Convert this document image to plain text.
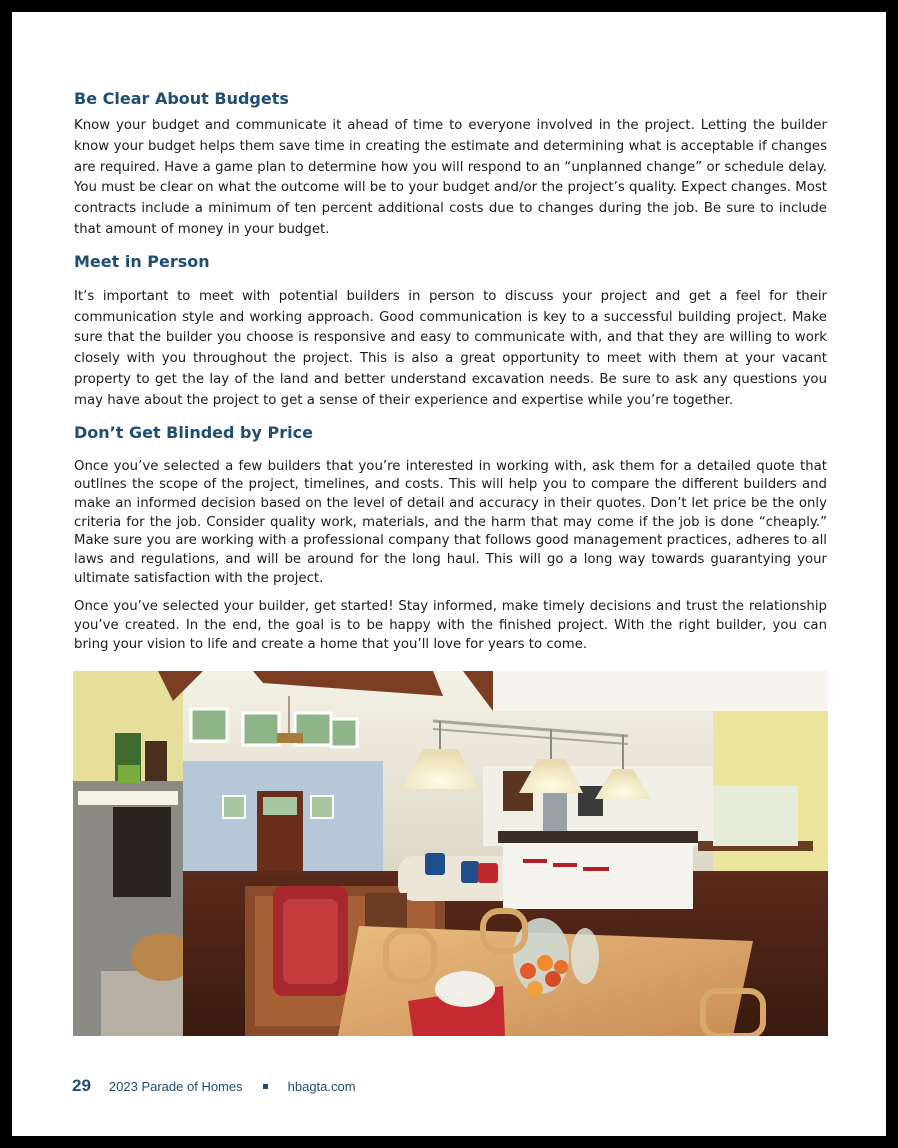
Be Clear About Budgets

Know your budget and communicate it ahead of time to everyone involved in the project. Letting the builder know your budget helps them save time in creating the estimate and determining what is acceptable if changes are required. Have a game plan to determine how you will respond to an “unplanned change” or schedule delay. You must be clear on what the outcome will be to your budget and/or the project’s quality. Expect changes. Most contracts include a minimum of ten percent additional costs due to changes during the job. Be sure to include that amount of money in your budget.

Meet in Person

It’s important to meet with potential builders in person to discuss your project and get a feel for their communication style and working approach. Good communication is key to a successful building project. Make sure that the builder you choose is responsive and easy to communicate with, and that they are willing to work closely with you throughout the project. This is also a great opportunity to meet with them at your vacant property to get the lay of the land and better understand excavation needs. Be sure to ask any questions you may have about the project to get a sense of their experience and expertise while you’re together.

Don’t Get Blinded by Price

Once you’ve selected a few builders that you’re interested in working with, ask them for a detailed quote that outlines the scope of the project, timelines, and costs. This will help you to compare the different builders and make an informed decision based on the level of detail and accuracy in their quotes. Don’t let price be the only criteria for the job. Consider quality work, materials, and the harm that may come if the job is done “cheaply.” Make sure you are working with a professional company that follows good management practices, adheres to all laws and regulations, and will be around for the long haul. This will go a long way towards guarantying your ultimate satisfaction with the project.

Once you’ve selected your builder, get started! Stay informed, make timely decisions and trust the relationship you’ve created. In the end, the goal is to be happy with the finished project. With the right builder, you can bring your vision to life and create a home that you’ll love for years to come.

29 2023 Parade of Homes	hbagta.com
